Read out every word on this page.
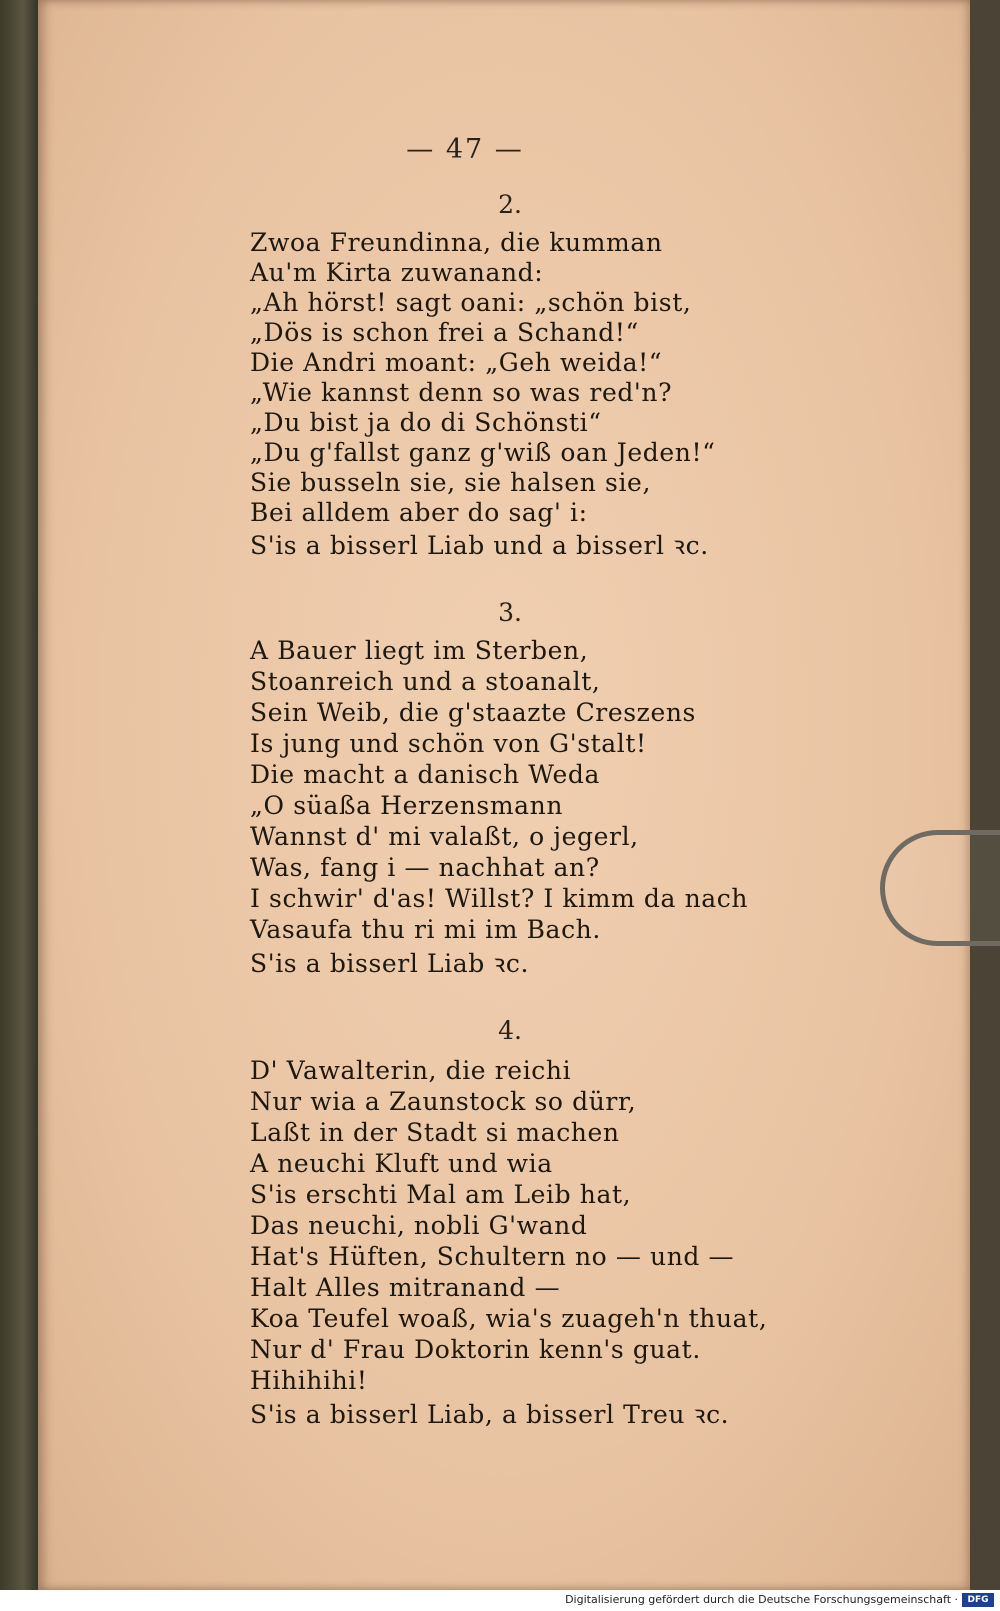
— 47 —
2.
Zwoa Freundinna, die kumman
Au'm Kirta zuwanand:
„Ah hörst! sagt oani: „schön bist,
„Dös is schon frei a Schand!“
Die Andri moant: „Geh weida!“
„Wie kannst denn so was red'n?
„Du bist ja do di Schönsti“
„Du g'fallst ganz g'wiß oan Jeden!“
Sie busseln sie, sie halsen sie,
Bei alldem aber do sag' i:
S'is a bisserl Liab und a bisserl ꝛc.
3.
A Bauer liegt im Sterben,
Stoanreich und a stoanalt,
Sein Weib, die g'staazte Creszens
Is jung und schön von G'stalt!
Die macht a danisch Weda
„O süaßa Herzensmann
Wannst d' mi valaßt, o jegerl,
Was, fang i — nachhat an?
I schwir' d'as! Willst? I kimm da nach
Vasaufa thu ri mi im Bach.
S'is a bisserl Liab ꝛc.
4.
D' Vawalterin, die reichi
Nur wia a Zaunstock so dürr,
Laßt in der Stadt si machen
A neuchi Kluft und wia
S'is erschti Mal am Leib hat,
Das neuchi, nobli G'wand
Hat's Hüften, Schultern no — und —
Halt Alles mitranand —
Koa Teufel woaß, wia's zuageh'n thuat,
Nur d' Frau Doktorin kenn's guat.
Hihihihi!
S'is a bisserl Liab, a bisserl Treu ꝛc.
Digitalisierung gefördert durch die Deutsche Forschungsgemeinschaft ·	DFG
